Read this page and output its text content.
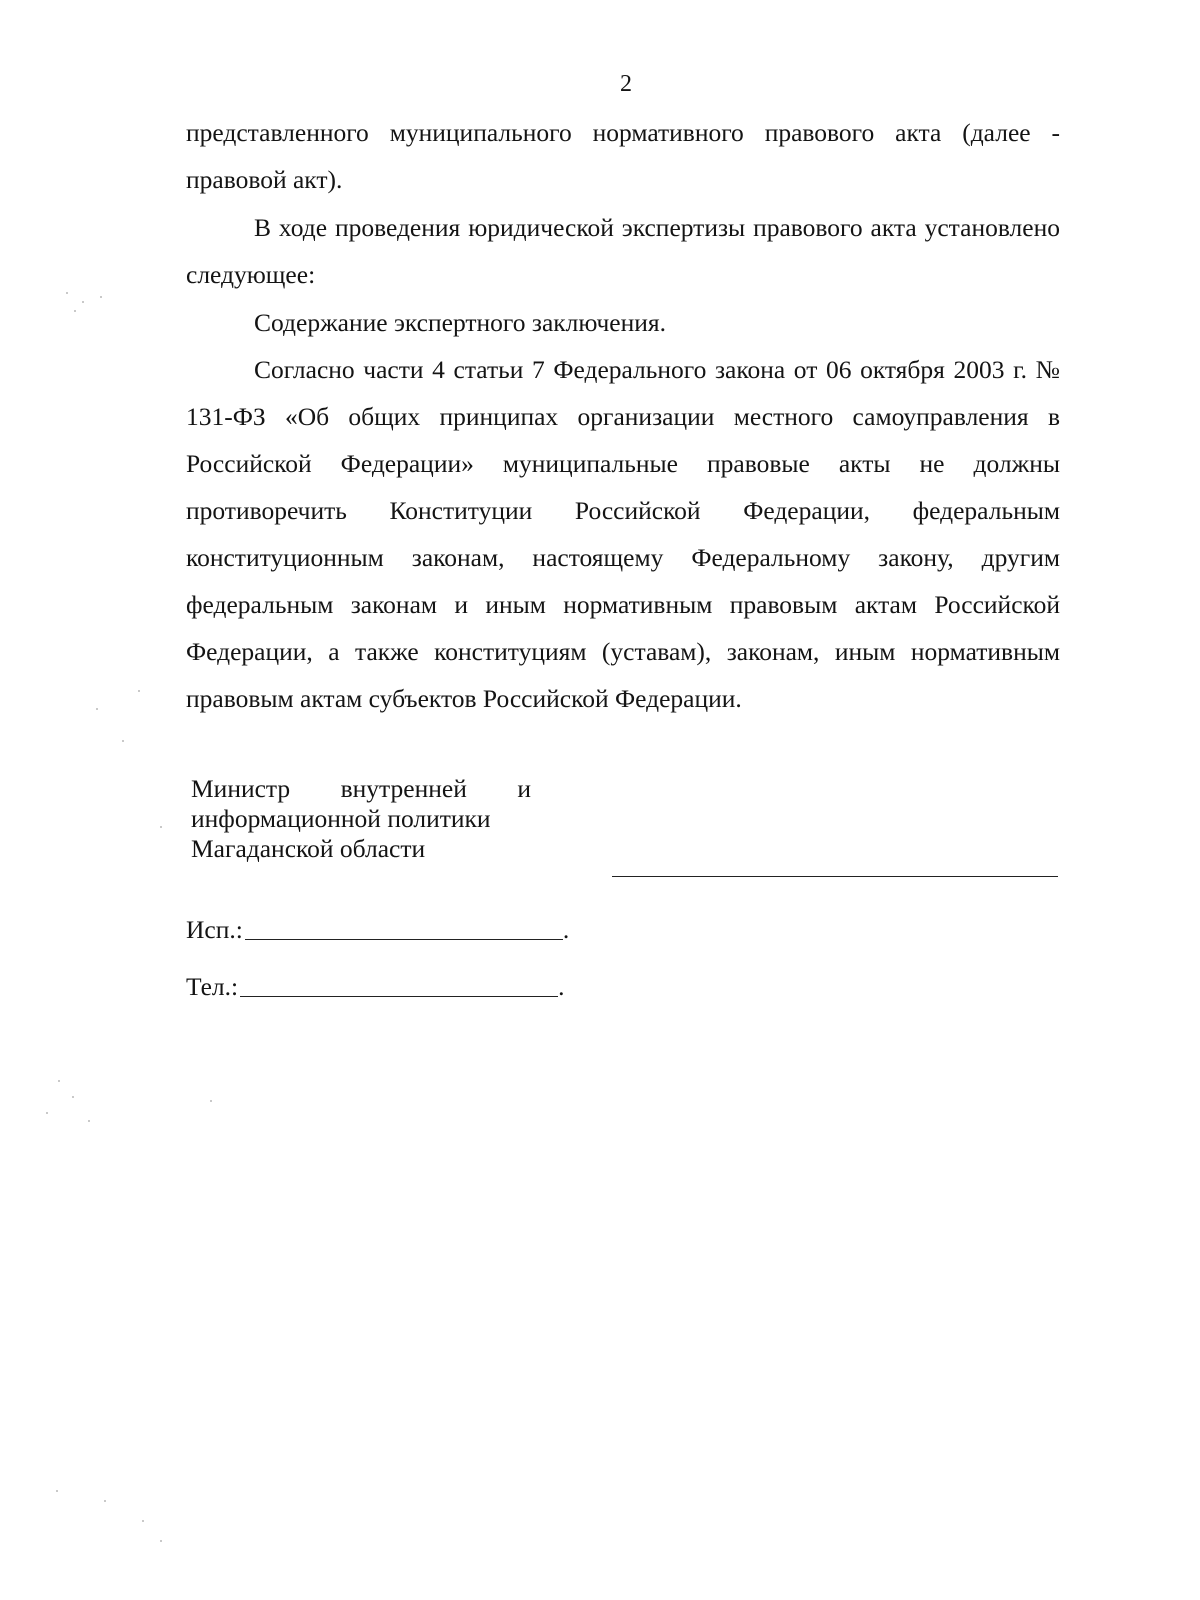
2

представленного муниципального нормативного правового акта (далее - правовой акт).

В ходе проведения юридической экспертизы правового акта установлено следующее:

Содержание экспертного заключения.

Согласно части 4 статьи 7 Федерального закона от 06 октября 2003 г. № 131-ФЗ «Об общих принципах организации местного самоуправления в Российской Федерации» муниципальные правовые акты не должны противоречить Конституции Российской Федерации, федеральным конституционным законам, настоящему Федеральному закону, другим федеральным законам и иным нормативным правовым актам Российской Федерации, а также конституциям (уставам), законам, иным нормативным правовым актам субъектов Российской Федерации.

Министр внутренней и
информационной политики
Магаданской области
Исп.:	.
Тел.:	.
